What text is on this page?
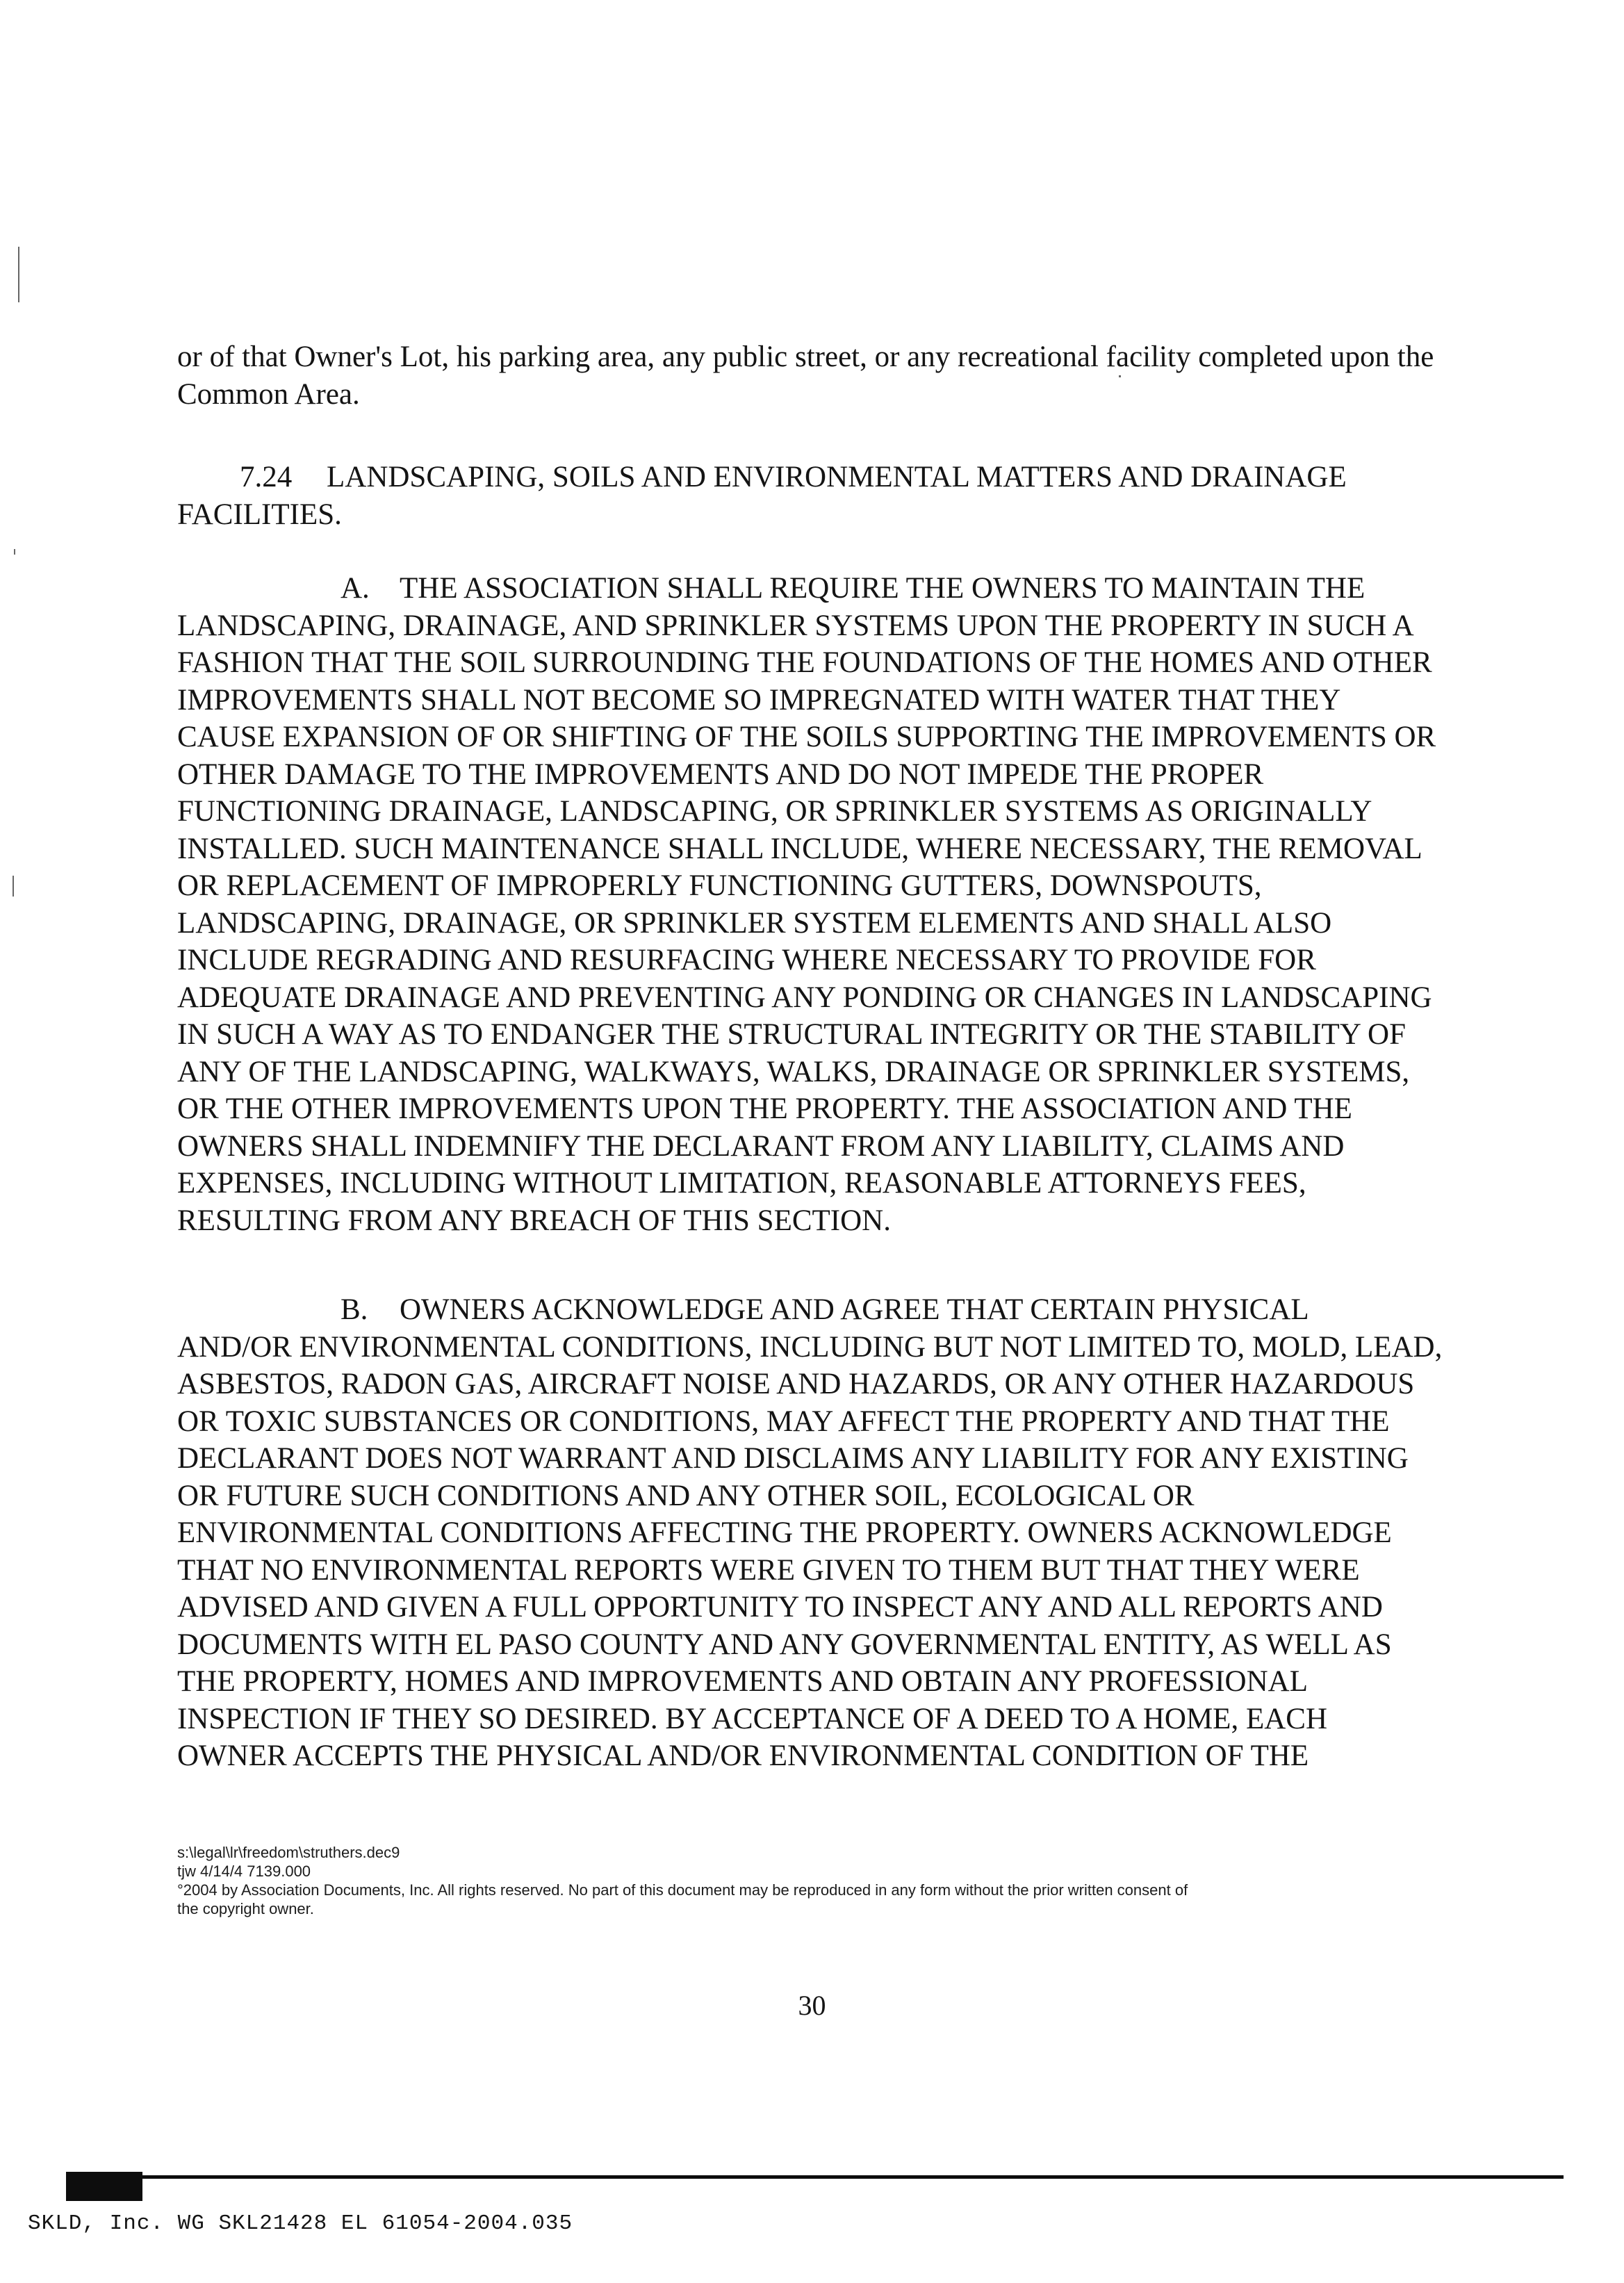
or of that Owner's Lot, his parking area, any public street, or any recreational facility completed upon the
Common Area.

7.24 LANDSCAPING, SOILS AND ENVIRONMENTAL MATTERS AND DRAINAGE
FACILITIES.

A. THE ASSOCIATION SHALL REQUIRE THE OWNERS TO MAINTAIN THE
LANDSCAPING, DRAINAGE, AND SPRINKLER SYSTEMS UPON THE PROPERTY IN SUCH A
FASHION THAT THE SOIL SURROUNDING THE FOUNDATIONS OF THE HOMES AND OTHER
IMPROVEMENTS SHALL NOT BECOME SO IMPREGNATED WITH WATER THAT THEY
CAUSE EXPANSION OF OR SHIFTING OF THE SOILS SUPPORTING THE IMPROVEMENTS OR
OTHER DAMAGE TO THE IMPROVEMENTS AND DO NOT IMPEDE THE PROPER
FUNCTIONING DRAINAGE, LANDSCAPING, OR SPRINKLER SYSTEMS AS ORIGINALLY
INSTALLED. SUCH MAINTENANCE SHALL INCLUDE, WHERE NECESSARY, THE REMOVAL
OR REPLACEMENT OF IMPROPERLY FUNCTIONING GUTTERS, DOWNSPOUTS,
LANDSCAPING, DRAINAGE, OR SPRINKLER SYSTEM ELEMENTS AND SHALL ALSO
INCLUDE REGRADING AND RESURFACING WHERE NECESSARY TO PROVIDE FOR
ADEQUATE DRAINAGE AND PREVENTING ANY PONDING OR CHANGES IN LANDSCAPING
IN SUCH A WAY AS TO ENDANGER THE STRUCTURAL INTEGRITY OR THE STABILITY OF
ANY OF THE LANDSCAPING, WALKWAYS, WALKS, DRAINAGE OR SPRINKLER SYSTEMS,
OR THE OTHER IMPROVEMENTS UPON THE PROPERTY. THE ASSOCIATION AND THE
OWNERS SHALL INDEMNIFY THE DECLARANT FROM ANY LIABILITY, CLAIMS AND
EXPENSES, INCLUDING WITHOUT LIMITATION, REASONABLE ATTORNEYS FEES,
RESULTING FROM ANY BREACH OF THIS SECTION.

B. OWNERS ACKNOWLEDGE AND AGREE THAT CERTAIN PHYSICAL
AND/OR ENVIRONMENTAL CONDITIONS, INCLUDING BUT NOT LIMITED TO, MOLD, LEAD,
ASBESTOS, RADON GAS, AIRCRAFT NOISE AND HAZARDS, OR ANY OTHER HAZARDOUS
OR TOXIC SUBSTANCES OR CONDITIONS, MAY AFFECT THE PROPERTY AND THAT THE
DECLARANT DOES NOT WARRANT AND DISCLAIMS ANY LIABILITY FOR ANY EXISTING
OR FUTURE SUCH CONDITIONS AND ANY OTHER SOIL, ECOLOGICAL OR
ENVIRONMENTAL CONDITIONS AFFECTING THE PROPERTY. OWNERS ACKNOWLEDGE
THAT NO ENVIRONMENTAL REPORTS WERE GIVEN TO THEM BUT THAT THEY WERE
ADVISED AND GIVEN A FULL OPPORTUNITY TO INSPECT ANY AND ALL REPORTS AND
DOCUMENTS WITH EL PASO COUNTY AND ANY GOVERNMENTAL ENTITY, AS WELL AS
THE PROPERTY, HOMES AND IMPROVEMENTS AND OBTAIN ANY PROFESSIONAL
INSPECTION IF THEY SO DESIRED. BY ACCEPTANCE OF A DEED TO A HOME, EACH
OWNER ACCEPTS THE PHYSICAL AND/OR ENVIRONMENTAL CONDITION OF THE

s:\legal\lr\freedom\struthers.dec9
tjw 4/14/4 7139.000
°2004 by Association Documents, Inc. All rights reserved. No part of this document may be reproduced in any form without the prior written consent of
the copyright owner.
30
SKLD, Inc. WG SKL21428 EL 61054-2004.035
